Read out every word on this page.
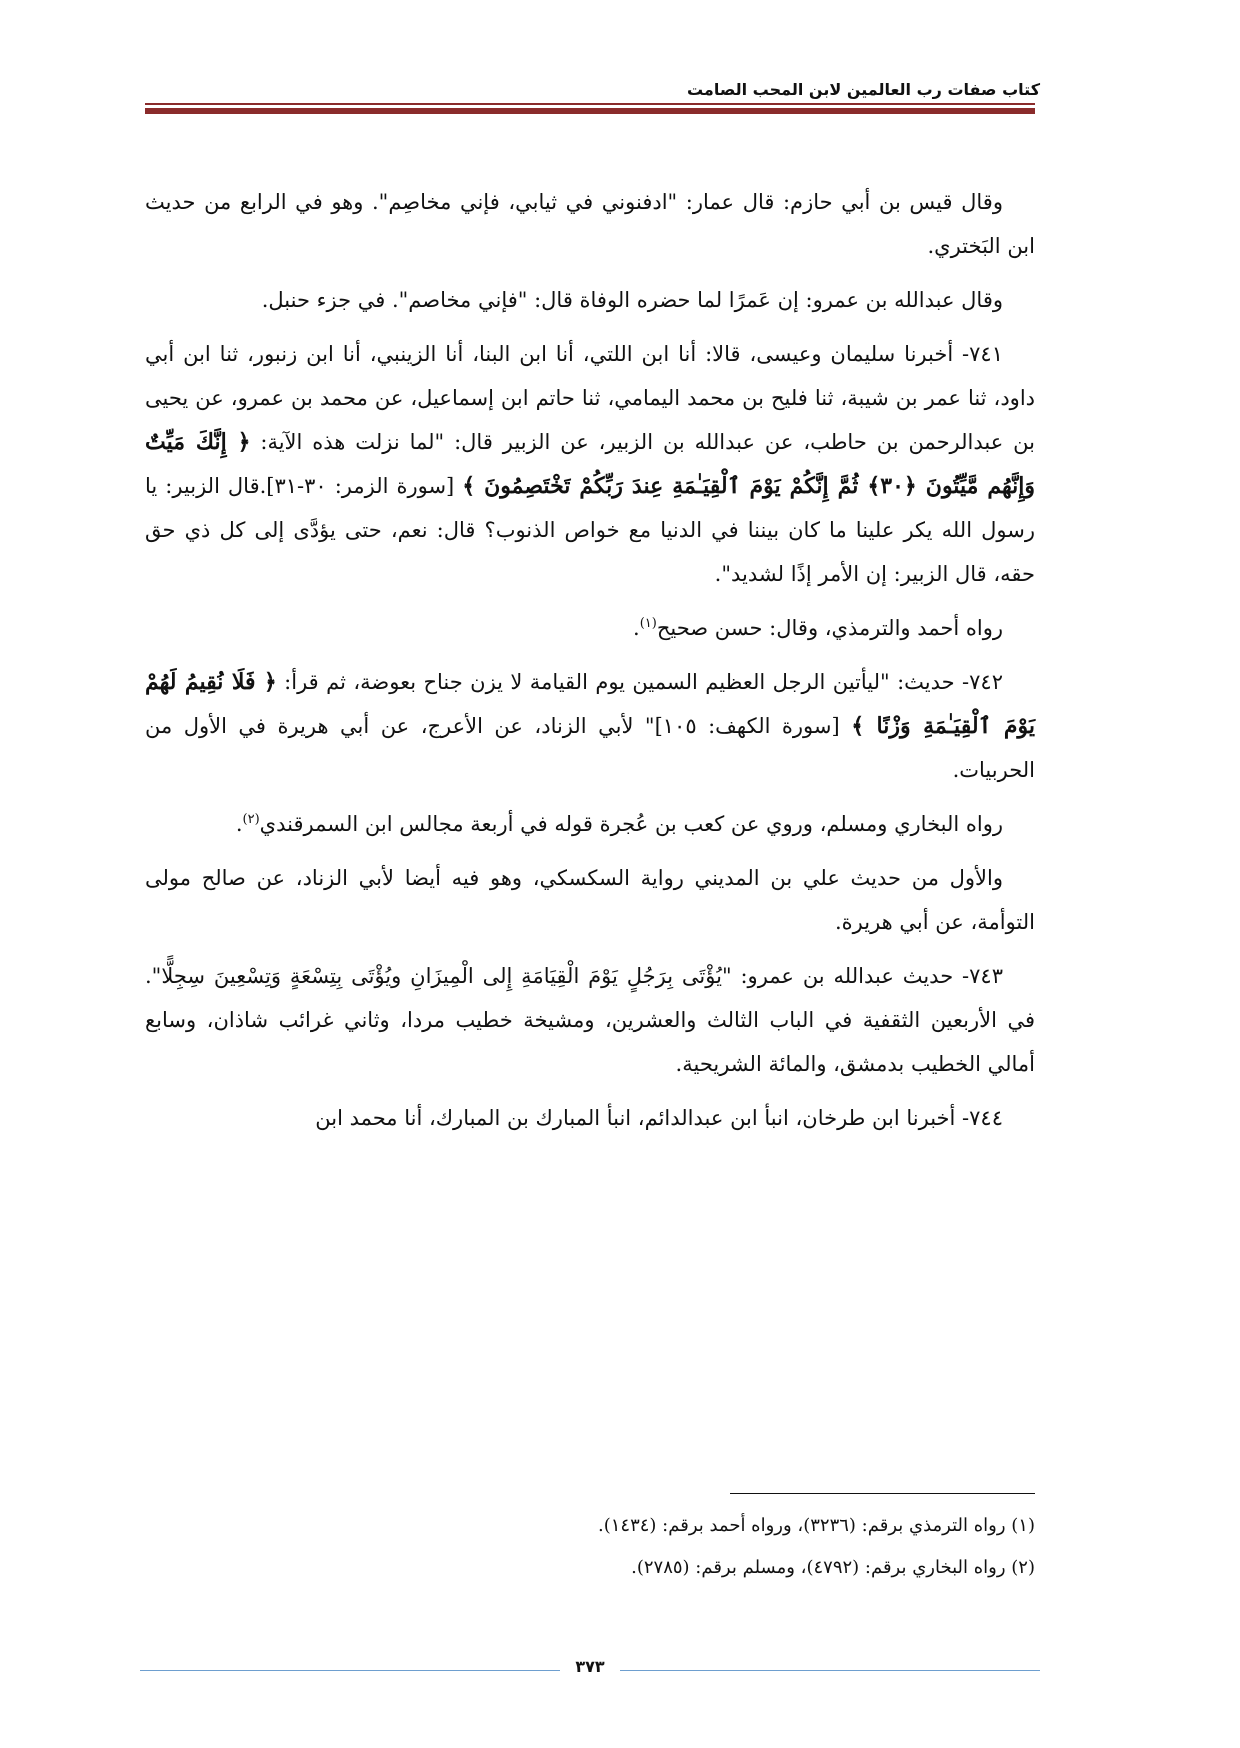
كتاب صفات رب العالمين لابن المحب الصامت

وقال قيس بن أبي حازم: قال عمار: "ادفنوني في ثيابي، فإني مخاصِم". وهو في الرابع من حديث ابن البَختري.

وقال عبدالله بن عمرو: إن عَمرًا لما حضره الوفاة قال: "فإني مخاصم". في جزء حنبل.

٧٤١- أخبرنا سليمان وعيسى، قالا: أنا ابن اللتي، أنا ابن البنا، أنا الزينبي، أنا ابن زنبور، ثنا ابن أبي داود، ثنا عمر بن شيبة، ثنا فليح بن محمد اليمامي، ثنا حاتم ابن إسماعيل، عن محمد بن عمرو، عن يحيى بن عبدالرحمن بن حاطب، عن عبدالله بن الزبير، عن الزبير قال: "لما نزلت هذه الآية: ﴿ إِنَّكَ مَيِّتٌ وَإِنَّهُم مَّيِّتُونَ ﴿٣٠﴾ ثُمَّ إِنَّكُمْ يَوْمَ ٱلْقِيَـٰمَةِ عِندَ رَبِّكُمْ تَخْتَصِمُونَ ﴾ [سورة الزمر: ٣٠-٣١].قال الزبير: يا رسول الله يكر علينا ما كان بيننا في الدنيا مع خواص الذنوب؟ قال: نعم، حتى يؤدَّى إلى كل ذي حق حقه، قال الزبير: إن الأمر إذًا لشديد".

رواه أحمد والترمذي، وقال: حسن صحيح$^{(١)}$.

٧٤٢- حديث: "ليأتين الرجل العظيم السمين يوم القيامة لا يزن جناح بعوضة، ثم قرأ: ﴿ فَلَا نُقِيمُ لَهُمْ يَوْمَ ٱلْقِيَـٰمَةِ وَزْنًا ﴾ [سورة الكهف: ١٠٥]" لأبي الزناد، عن الأعرج، عن أبي هريرة في الأول من الحربيات.

رواه البخاري ومسلم، وروي عن كعب بن عُجرة قوله في أربعة مجالس ابن السمرقندي$^{(٢)}$.

والأول من حديث علي بن المديني رواية السكسكي، وهو فيه أيضا لأبي الزناد، عن صالح مولى التوأمة، عن أبي هريرة.

٧٤٣- حديث عبدالله بن عمرو: "يُؤْتَى بِرَجُلٍ يَوْمَ الْقِيَامَةِ إِلى الْمِيزَانِ ويُؤْتَى بِتِسْعَةٍ وَتِسْعِينَ سِجِلًّا". في الأربعين الثقفية في الباب الثالث والعشرين، ومشيخة خطيب مردا، وثاني غرائب شاذان، وسابع أمالي الخطيب بدمشق، والمائة الشريحية.

٧٤٤- أخبرنا ابن طرخان، انبأ ابن عبدالدائم، انبأ المبارك بن المبارك، أنا محمد ابن

(١) رواه الترمذي برقم: (٣٢٣٦)، ورواه أحمد برقم: (١٤٣٤).
(٢) رواه البخاري برقم: (٤٧٩٢)، ومسلم برقم: (٢٧٨٥).
٣٧٣
